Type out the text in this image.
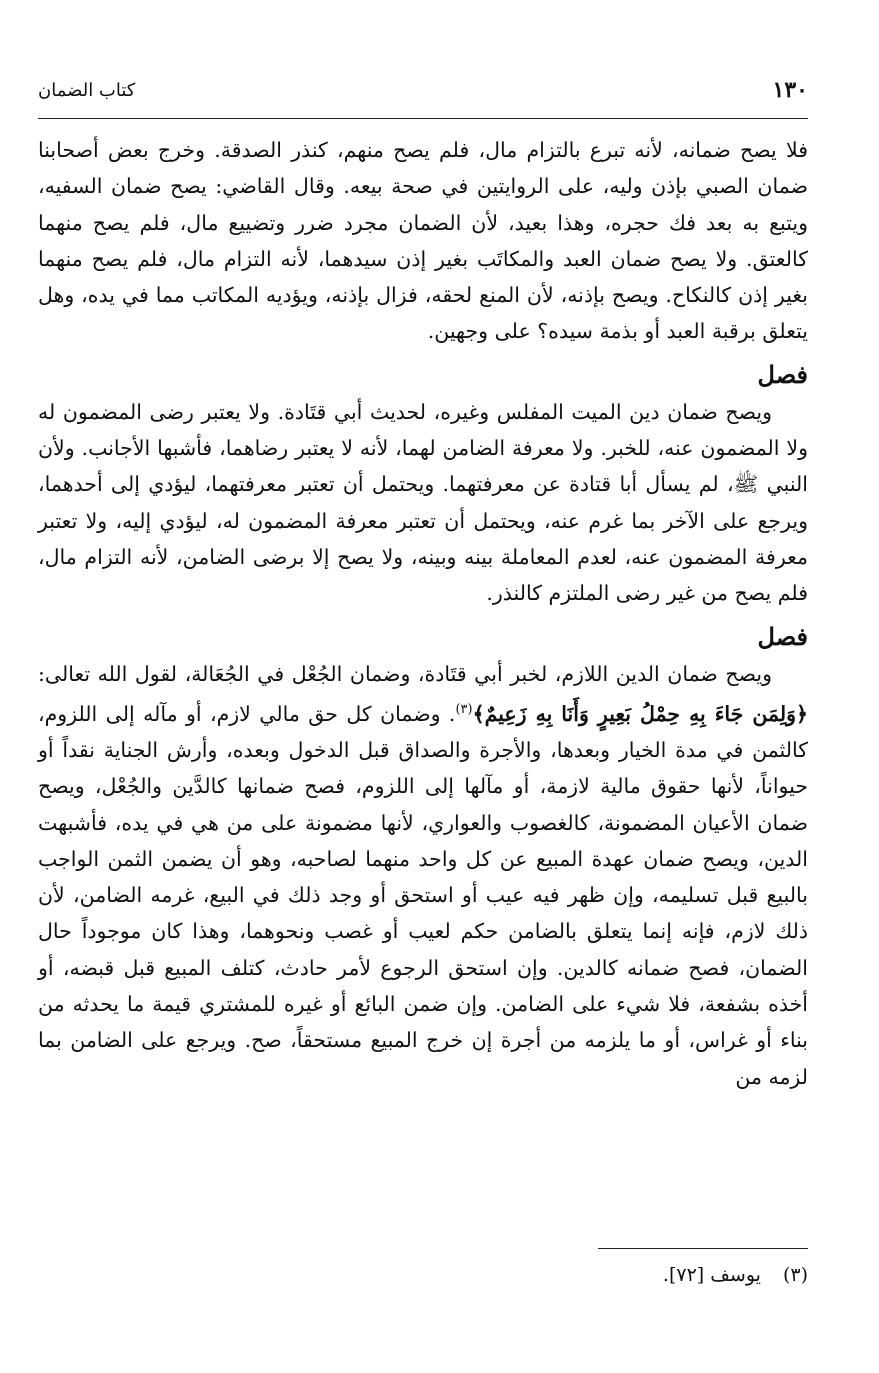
١٣٠
كتاب الضمان

فلا يصح ضمانه، لأنه تبرع بالتزام مال، فلم يصح منهم، كنذر الصدقة. وخرج بعض أصحابنا ضمان الصبي بإذن وليه، على الروايتين في صحة بيعه. وقال القاضي: يصح ضمان السفيه، ويتبع به بعد فك حجره، وهذا بعيد، لأن الضمان مجرد ضرر وتضييع مال، فلم يصح منهما كالعتق. ولا يصح ضمان العبد والمكاتَب بغير إذن سيدهما، لأنه التزام مال، فلم يصح منهما بغير إذن كالنكاح. ويصح بإذنه، لأن المنع لحقه، فزال بإذنه، ويؤديه المكاتب مما في يده، وهل يتعلق برقبة العبد أو بذمة سيده؟ على وجهين.

فصل

ويصح ضمان دين الميت المفلس وغيره، لحديث أبي قتَادة. ولا يعتبر رضى المضمون له ولا المضمون عنه، للخبر. ولا معرفة الضامن لهما، لأنه لا يعتبر رضاهما، فأشبها الأجانب. ولأن النبي ﷺ، لم يسأل أبا قتادة عن معرفتهما. ويحتمل أن تعتبر معرفتهما، ليؤدي إلى أحدهما، ويرجع على الآخر بما غرم عنه، ويحتمل أن تعتبر معرفة المضمون له، ليؤدي إليه، ولا تعتبر معرفة المضمون عنه، لعدم المعاملة بينه وبينه، ولا يصح إلا برضى الضامن، لأنه التزام مال، فلم يصح من غير رضى الملتزم كالنذر.

فصل

ويصح ضمان الدين اللازم، لخبر أبي قتَادة، وضمان الجُعْل في الجُعَالة، لقول الله تعالى: ﴿وَلِمَن جَاءَ بِهِ حِمْلُ بَعِيرٍ وَأَنَا بِهِ زَعِيمٌ﴾$^{(٣)}$. وضمان كل حق مالي لازم، أو مآله إلى اللزوم، كالثمن في مدة الخيار وبعدها، والأجرة والصداق قبل الدخول وبعده، وأرش الجناية نقداً أو حيواناً، لأنها حقوق مالية لازمة، أو مآلها إلى اللزوم، فصح ضمانها كالدَّين والجُعْل، ويصح ضمان الأعيان المضمونة، كالغصوب والعواري، لأنها مضمونة على من هي في يده، فأشبهت الدين، ويصح ضمان عهدة المبيع عن كل واحد منهما لصاحبه، وهو أن يضمن الثمن الواجب بالبيع قبل تسليمه، وإن ظهر فيه عيب أو استحق أو وجد ذلك في البيع، غرمه الضامن، لأن ذلك لازم، فإنه إنما يتعلق بالضامن حكم لعيب أو غصب ونحوهما، وهذا كان موجوداً حال الضمان، فصح ضمانه كالدين. وإن استحق الرجوع لأمر حادث، كتلف المبيع قبل قبضه، أو أخذه بشفعة، فلا شيء على الضامن. وإن ضمن البائع أو غيره للمشتري قيمة ما يحدثه من بناء أو غراس، أو ما يلزمه من أجرة إن خرج المبيع مستحقاً، صح. ويرجع على الضامن بما لزمه من

(٣)
يوسف [٧٢].
